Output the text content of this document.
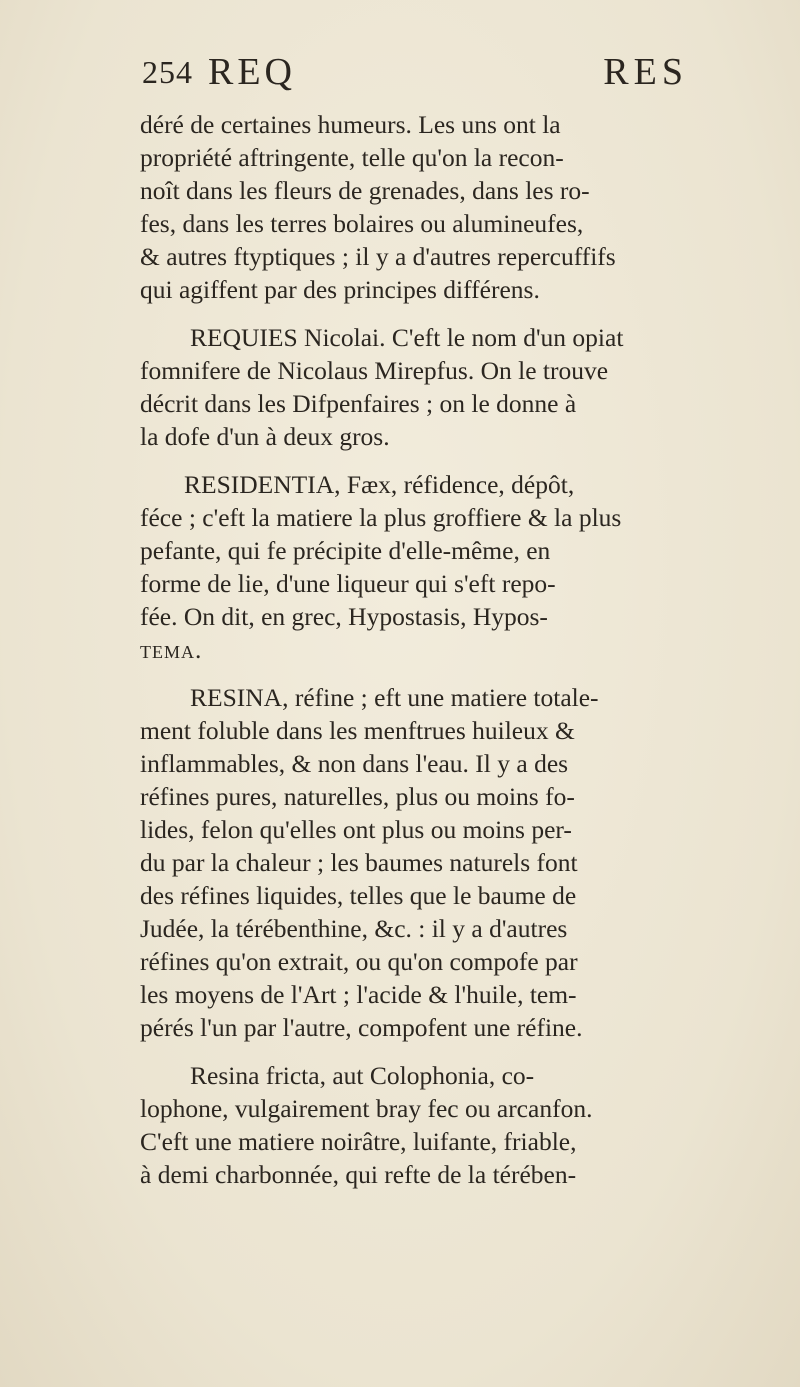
254 REQ	RES
déré de certaines humeurs. Les uns ont la
propriété aftringente, telle qu'on la recon-
noît dans les fleurs de grenades, dans les ro-
fes, dans les terres bolaires ou alumineufes,
& autres ftyptiques ; il y a d'autres repercuffifs
qui agiffent par des principes différens.
REQUIES Nicolai. C'eft le nom d'un opiat
fomnifere de Nicolaus Mirepfus. On le trouve
décrit dans les Difpenfaires ; on le donne à
la dofe d'un à deux gros.
RESIDENTIA, Fæx, réfidence, dépôt,
féce ; c'eft la matiere la plus groffiere & la plus
pefante, qui fe précipite d'elle-même, en
forme de lie, d'une liqueur qui s'eft repo-
fée. On dit, en grec, Hypostasis, Hypos-
tema.
RESINA, réfine ; eft une matiere totale-
ment foluble dans les menftrues huileux &
inflammables, & non dans l'eau. Il y a des
réfines pures, naturelles, plus ou moins fo-
lides, felon qu'elles ont plus ou moins per-
du par la chaleur ; les baumes naturels font
des réfines liquides, telles que le baume de
Judée, la térébenthine, &c. : il y a d'autres
réfines qu'on extrait, ou qu'on compofe par
les moyens de l'Art ; l'acide & l'huile, tem-
pérés l'un par l'autre, compofent une réfine.
Resina fricta, aut Colophonia, co-
lophone, vulgairement bray fec ou arcanfon.
C'eft une matiere noirâtre, luifante, friable,
à demi charbonnée, qui refte de la térében-
